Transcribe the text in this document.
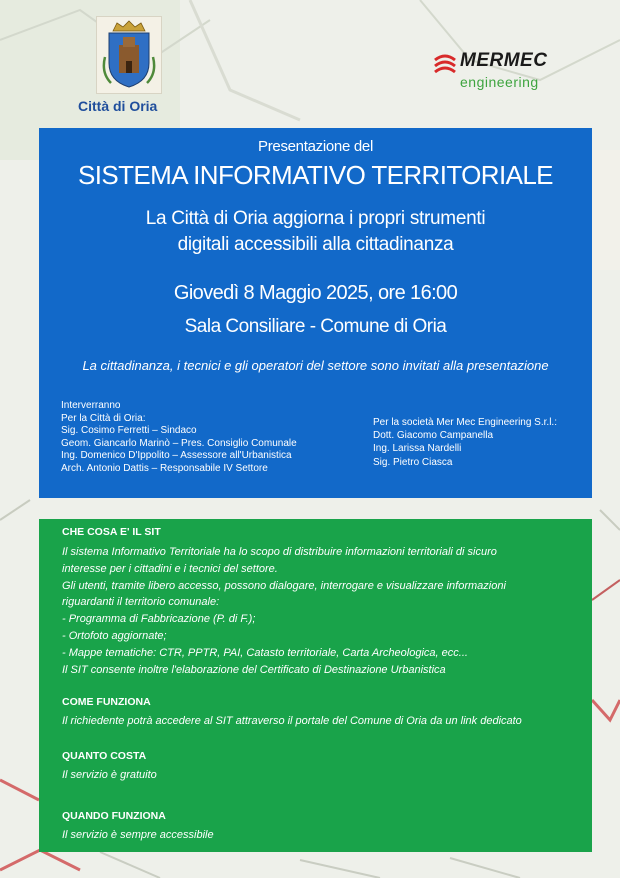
Città di Oria
MERMEC
engineering
Presentazione del
SISTEMA INFORMATIVO TERRITORIALE
La Città di Oria aggiorna i propri strumenti
digitali accessibili alla cittadinanza
Giovedì 8 Maggio 2025, ore 16:00
Sala Consiliare - Comune di Oria
La cittadinanza, i tecnici e gli operatori del settore sono invitati alla presentazione
Interverranno
Per la Città di Oria:
Sig. Cosimo Ferretti – Sindaco
Geom. Giancarlo Marinò – Pres. Consiglio Comunale
Ing. Domenico D'Ippolito – Assessore all'Urbanistica
Arch. Antonio Dattis – Responsabile IV Settore
Per la società Mer Mec Engineering S.r.l.:
Dott. Giacomo Campanella
Ing. Larissa Nardelli
Sig. Pietro Ciasca
CHE COSA E' IL SIT
Il sistema Informativo Territoriale ha lo scopo di distribuire informazioni territoriali di sicuro
interesse per i cittadini e i tecnici del settore.
Gli utenti, tramite libero accesso, possono dialogare, interrogare e visualizzare informazioni
riguardanti il territorio comunale:
- Programma di Fabbricazione (P. di F.);
- Ortofoto aggiornate;
- Mappe tematiche: CTR, PPTR, PAI, Catasto territoriale, Carta Archeologica, ecc...
Il SIT consente inoltre l'elaborazione del Certificato di Destinazione Urbanistica
COME FUNZIONA
Il richiedente potrà accedere al SIT attraverso il portale del Comune di Oria da un link dedicato
QUANTO COSTA
Il servizio è gratuito
QUANDO FUNZIONA
Il servizio è sempre accessibile
